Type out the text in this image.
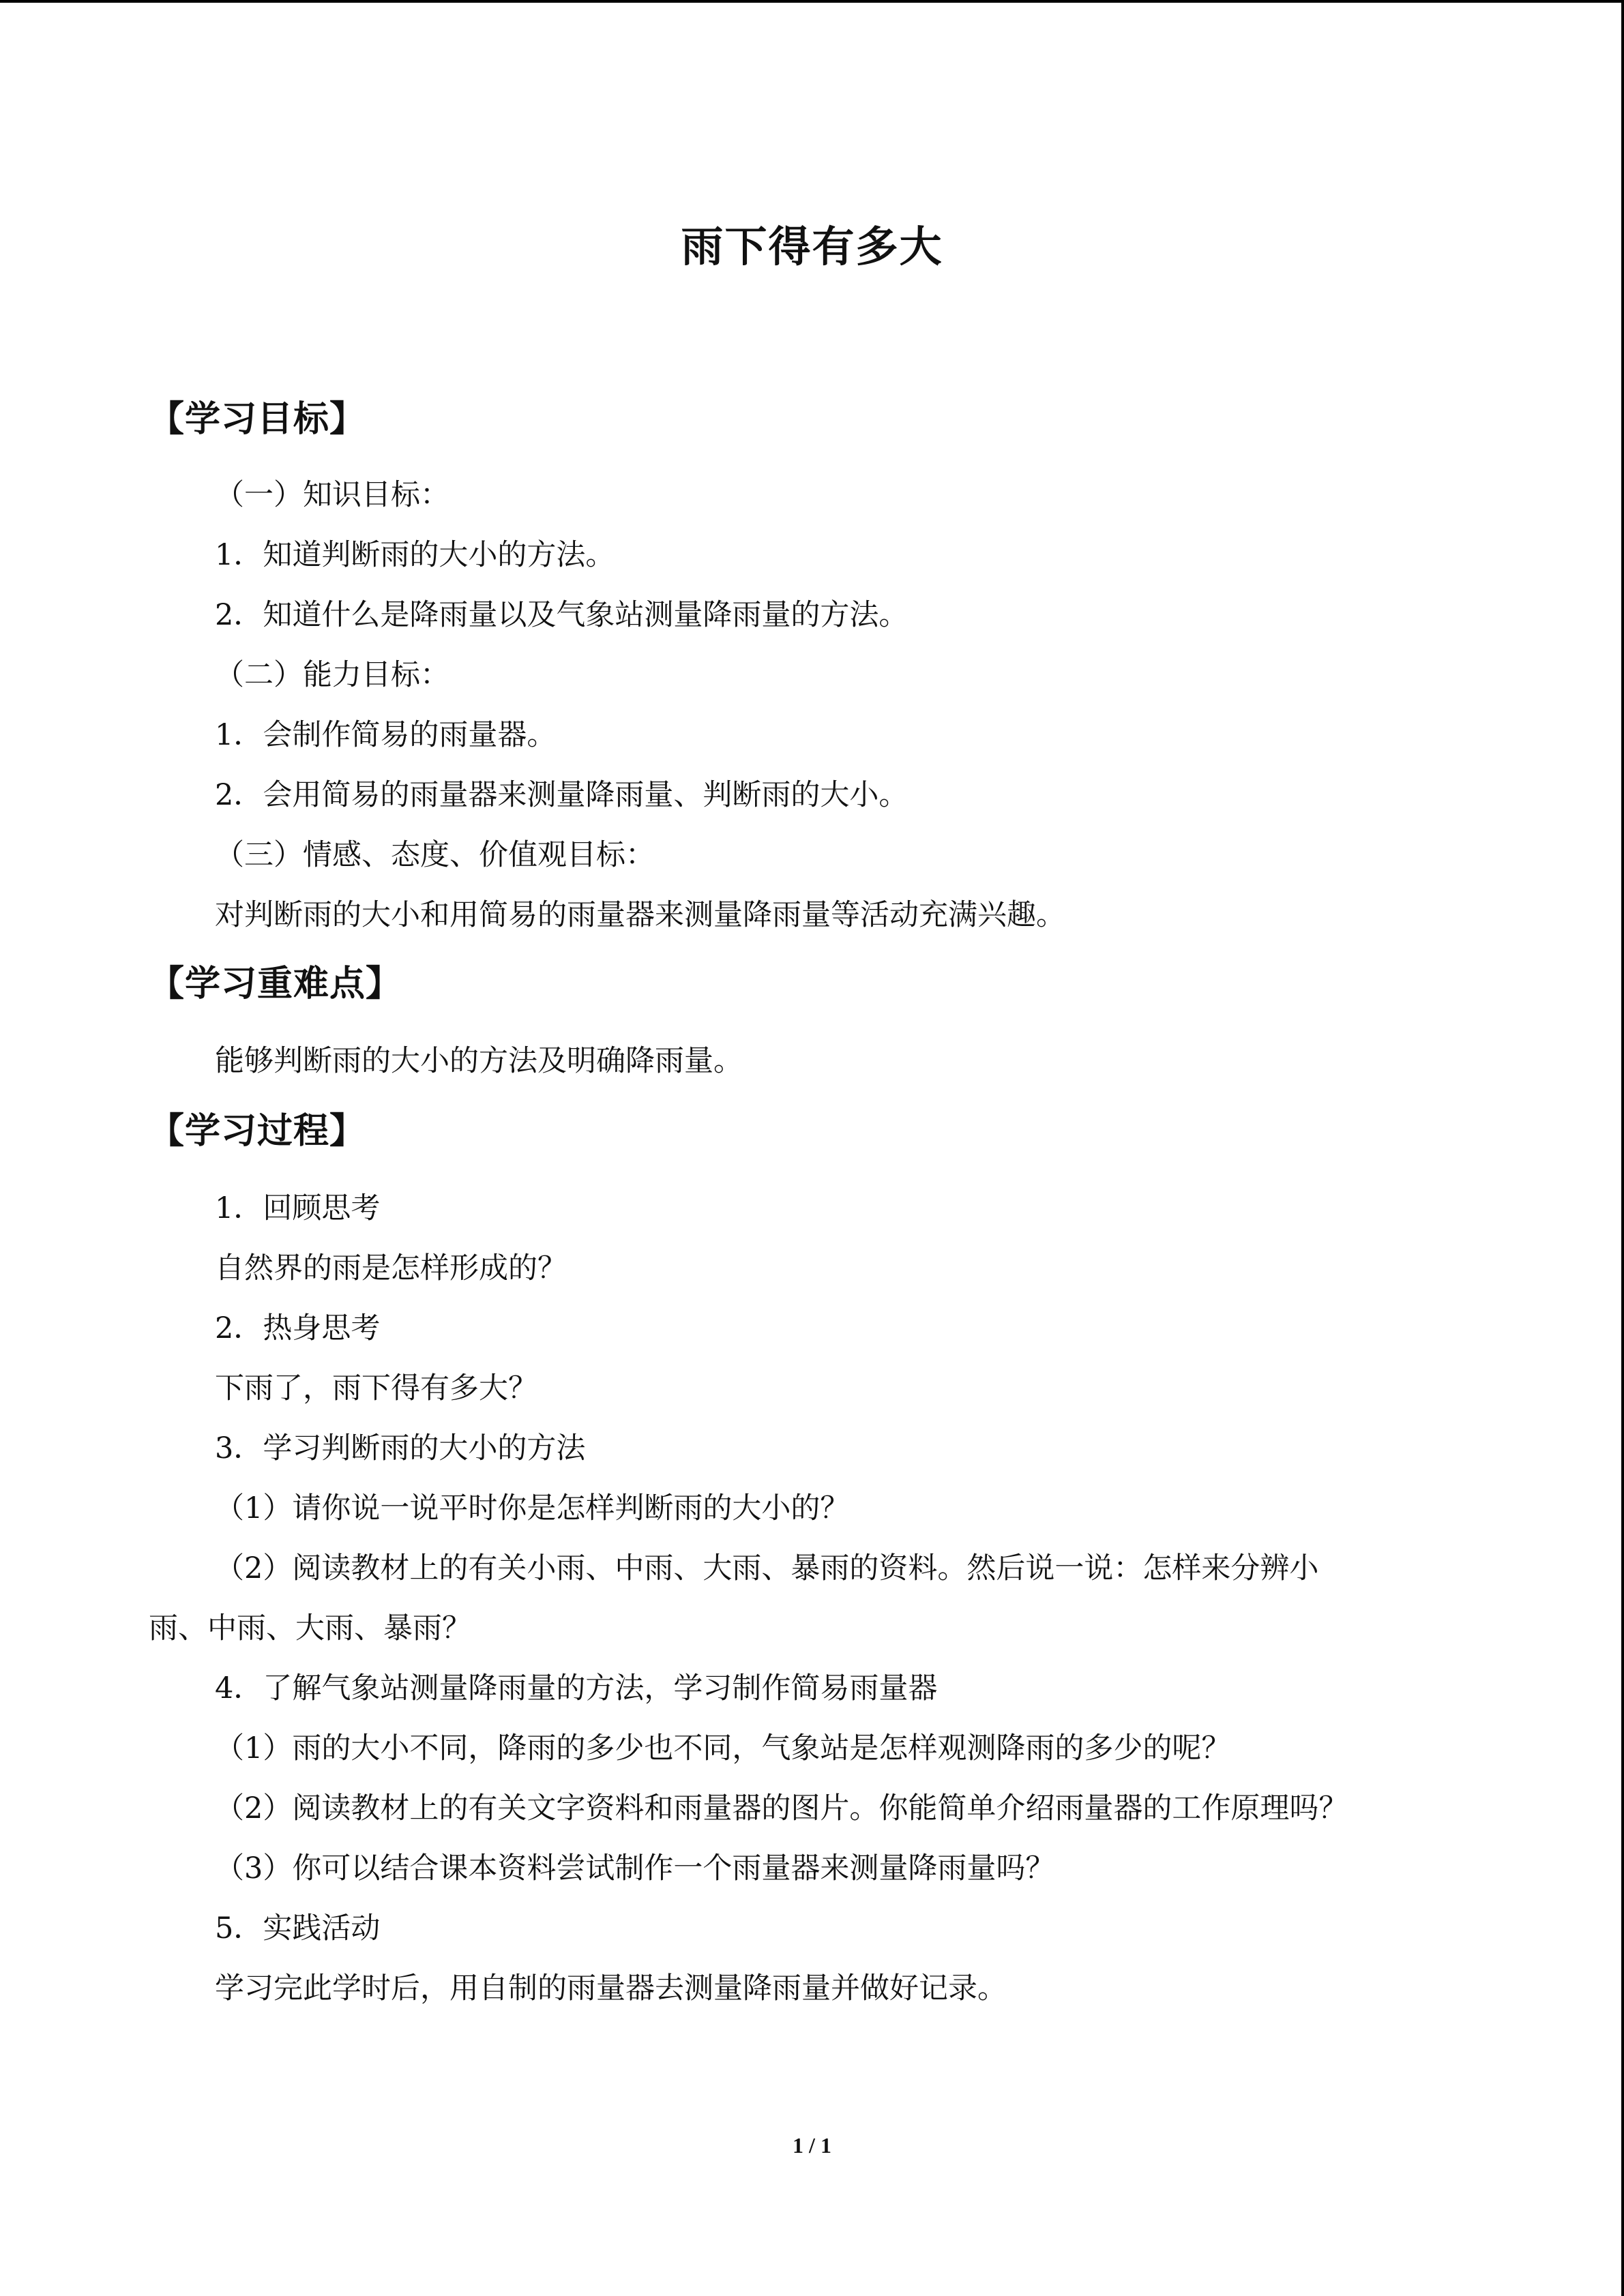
雨下得有多大
【学习目标】
（一）知识目标：
1．知道判断雨的大小的方法。
2．知道什么是降雨量以及气象站测量降雨量的方法。
（二）能力目标：
1．会制作简易的雨量器。
2．会用简易的雨量器来测量降雨量、判断雨的大小。
（三）情感、态度、价值观目标：
对判断雨的大小和用简易的雨量器来测量降雨量等活动充满兴趣。
【学习重难点】
能够判断雨的大小的方法及明确降雨量。
【学习过程】
1．回顾思考
自然界的雨是怎样形成的？
2．热身思考
下雨了，雨下得有多大？
3．学习判断雨的大小的方法
（1）请你说一说平时你是怎样判断雨的大小的？
（2）阅读教材上的有关小雨、中雨、大雨、暴雨的资料。然后说一说：怎样来分辨小
雨、中雨、大雨、暴雨？
4．了解气象站测量降雨量的方法，学习制作简易雨量器
（1）雨的大小不同，降雨的多少也不同，气象站是怎样观测降雨的多少的呢？
（2）阅读教材上的有关文字资料和雨量器的图片。你能简单介绍雨量器的工作原理吗？
（3）你可以结合课本资料尝试制作一个雨量器来测量降雨量吗？
5．实践活动
学习完此学时后，用自制的雨量器去测量降雨量并做好记录。
1 / 1
